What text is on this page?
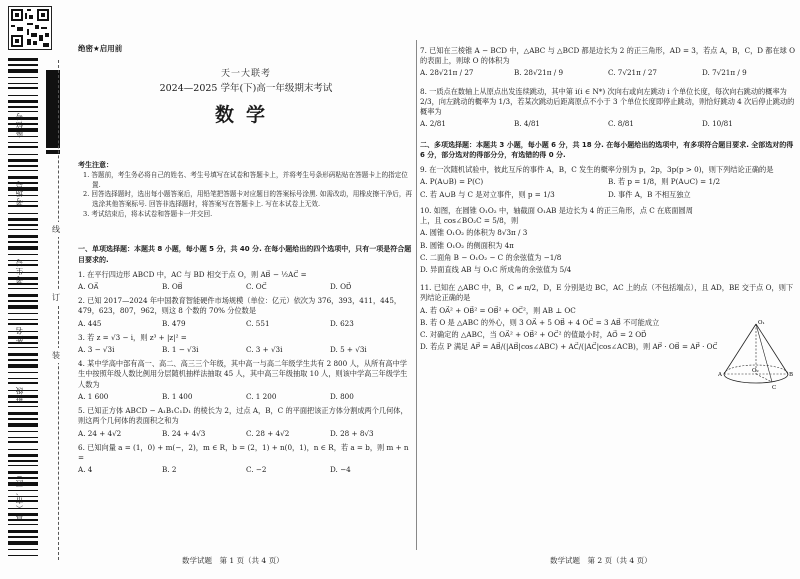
座位号
考场号
考生号
姓名
班级
县（市、区）
线
订
装
绝密★启用前
天一大联考
2024—2025 学年(下)高一年级期末考试
数学
考生注意：
1. 答题前，考生务必将自己的姓名、考生号填写在试卷和答题卡上，并将考生号条形码粘贴在答题卡上的指定位置.
2. 回答选择题时，选出每小题答案后，用铅笔把答题卡对应题目的答案标号涂黑. 如需改动，用橡皮擦干净后，再选涂其他答案标号. 回答非选择题时，将答案写在答题卡上. 写在本试卷上无效.
3. 考试结束后，将本试卷和答题卡一并交回.
一、单项选择题：本题共 8 小题，每小题 5 分，共 40 分. 在每小题给出的四个选项中，只有一项是符合题目要求的.
1. 在平行四边形 ABCD 中，AC 与 BD 相交于点 O，则 AB⃗ − ½AC⃗ =
A. OA⃗	B. OB⃗	C. OC⃗	D. OD⃗
2. 已知 2017—2024 年中国教育智能硬件市场规模（单位：亿元）依次为 376，393，411，445，479，623，807，962，则这 8 个数的 70% 分位数是
A. 445	B. 479	C. 551	D. 623
3. 若 z = √3 − i，则 z³ + |z|² =
A. 3 − √3i	B. 1 − √3i	C. 3 + √3i	D. 5 + √3i
4. 某中学高中部有高一、高二、高三三个年级，其中高一与高二年级学生共有 2 800 人，从所有高中学生中按照年级人数比例用分层随机抽样法抽取 45 人，其中高三年级抽取 10 人，则该中学高三年级学生人数为
A. 1 600	B. 1 400	C. 1 200	D. 800
5. 已知正方体 ABCD − A₁B₁C₁D₁ 的棱长为 2，过点 A，B，C 的平面把该正方体分割成两个几何体，则这两个几何体的表面积之和为
A. 24 + 4√2	B. 24 + 4√3	C. 28 + 4√2	D. 28 + 8√3
6. 已知向量 a = (1，0) + m(−，2)，m ∈ R，b = (2，1) + n(0，1)，n ∈ R，若 a = b，则 m + n =
A. 4	B. 2	C. −2	D. −4
数学试题　第 1 页（共 4 页）
7. 已知在三棱锥 A − BCD 中，△ABC 与 △BCD 都是边长为 2 的正三角形，AD = 3，若点 A，B，C，D 都在球 O 的表面上，则球 O 的体积为
A. 28√21π / 27	B. 28√21π / 9	C. 7√21π / 27	D. 7√21π / 9
8. 一质点在数轴上从原点出发连续跳动，其中第 i(i ∈ N*) 次向右或向左跳动 i 个单位长度，每次向右跳动的概率为 2/3，向左跳动的概率为 1/3，若某次跳动后距离原点不小于 3 个单位长度即停止跳动，则恰好跳动 4 次后停止跳动的概率为
A. 2/81	B. 4/81	C. 8/81	D. 10/81
二、多项选择题：本题共 3 小题，每小题 6 分，共 18 分. 在每小题给出的选项中，有多项符合题目要求. 全部选对的得 6 分，部分选对的得部分分，有选错的得 0 分.
9. 在一次随机试验中，彼此互斥的事件 A，B，C 发生的概率分别为 p，2p，3p(p > 0)，则下列结论正确的是
A. P(A∪B) = P(C)	B. 若 p = 1/8，则 P(A∪C) = 1/2
C. 若 A∪B 与 C 是对立事件，则 p = 1/3	D. 事件 A，B 不相互独立
10. 如图，在圆锥 O₁O₂ 中，轴截面 O₁AB 是边长为 4 的正三角形，点 C 在底面圆周上，且 cos∠BO₂C = 5/8，则
A. 圆锥 O₁O₂ 的体积为 8√3π / 3
B. 圆锥 O₁O₂ 的侧面积为 4π
C. 二面角 B − O₁O₂ − C 的余弦值为 −1/8
D. 异面直线 AB 与 O₁C 所成角的余弦值为 5/4
11. 已知在 △ABC 中，B，C ≠ π/2，D，E 分别是边 BC，AC 上的点（不包括端点），且 AD，BE 交于点 O，则下列结论正确的是
A. 若 OA⃗² + OB⃗² = OB⃗² + OC⃗²，则 AB ⊥ OC
B. 若 O 是 △ABC 的外心，则 3 OA⃗ + 5 OB⃗ + 4 OC⃗ = 3 AB⃗ 不可能成立
C. 对确定的 △ABC，当 OA⃗² + OB⃗² + OC⃗² 的值最小时，AO⃗ = 2 OD⃗
D. 若点 P 满足 AP⃗ = AB⃗/(|AB⃗|cos∠ABC) + AC⃗/(|AC⃗|cos∠ACB)，则 AP⃗ · OB⃗ = AP⃗ · OC⃗
O₁
A
O₂
B
C
数学试题　第 2 页（共 4 页）
